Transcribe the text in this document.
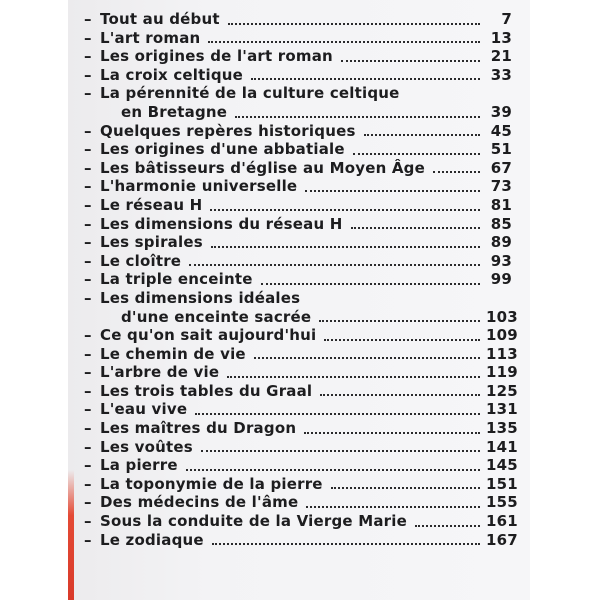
– Tout au début	7
– L'art roman	13
– Les origines de l'art roman	21
– La croix celtique	33
– La pérennité de la culture celtique
en Bretagne	39
– Quelques repères historiques	45
– Les origines d'une abbatiale	51
– Les bâtisseurs d'église au Moyen Âge	67
– L'harmonie universelle	73
– Le réseau H	81
– Les dimensions du réseau H	85
– Les spirales	89
– Le cloître	93
– La triple enceinte	99
– Les dimensions idéales
d'une enceinte sacrée	103
– Ce qu'on sait aujourd'hui	109
– Le chemin de vie	113
– L'arbre de vie	119
– Les trois tables du Graal	125
– L'eau vive	131
– Les maîtres du Dragon	135
– Les voûtes	141
– La pierre	145
– La toponymie de la pierre	151
– Des médecins de l'âme	155
– Sous la conduite de la Vierge Marie	161
– Le zodiaque	167
